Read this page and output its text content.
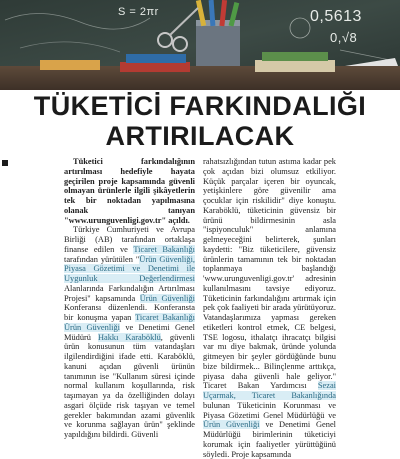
0,5613
0,√8
S = 2πr
TÜKETİCİ FARKINDALIĞI
ARTIRILACAK

Tüketici farkındalığının artırılması hedefiyle hayata geçirilen proje kapsamında güvenli olmayan ürünlerle ilgili şikâyetlerin tek bir noktadan yapılmasına olanak tanıyan "www.urunguvenligi.gov.tr" açıldı.

Türkiye Cumhuriyeti ve Avrupa Birliği (AB) tarafından ortaklaşa finanse edilen ve Ticaret Bakanlığı tarafından yürütülen "Ürün Güvenliği, Piyasa Gözetimi ve Denetimi ile Uygunluk Değerlendirmesi Alanlarında Farkındalığın Artırılması Projesi" kapsamında Ürün Güvenliği Konferansı düzenlendi. Konferansta bir konuşma yapan Ticaret Bakanlığı Ürün Güvenliği ve Denetimi Genel Müdürü Hakkı Karaböklü, güvenli ürün konusunun tüm vatandaşları ilgilendirdiğini ifade etti. Karaböklü, kanuni açıdan güvenli ürünün tanımının ise "Kullanım süresi içinde normal kullanım koşullarında, risk taşımayan ya da özelliğinden dolayı asgari ölçüde risk taşıyan ve temel gerekler bakımından azami güvenlik ve korunma sağlayan ürün" şeklinde yapıldığını bildirdi. Güvenli

rahatsızlığından tutun astıma kadar pek çok açıdan bizi olumsuz etkiliyor. Küçük parçalar içeren bir oyuncak, yetişkinlere göre güvenilir ama çocuklar için riskilidir" diye konuştu. Karaböklü, tüketicinin güvensiz bir ürünü bildirmesinin asla "ispiyonculuk" anlamına gelmeyeceğini belirterek, şunları kaydetti: "Biz tüketicilere, güvensiz ürünlerin tamamının tek bir noktadan toplanmaya başlandığı 'www.urunguvenligi.gov.tr' adresinin kullanılmasını tavsiye ediyoruz. Tüketicinin farkındalığını artırmak için pek çok faaliyeti bir arada yürütüyoruz. Vatandaşlarımıza yapması gereken etiketleri kontrol etmek, CE belgesi, TSE logosu, ithalatçı ihracatçı bilgisi var mı diye bakmak, üründe yolunda gitmeyen bir şeyler gördüğünde bunu bize bildirmek... Bilinçlenme arttıkça, piyasa daha güvenli hale geliyor." Ticaret Bakan Yardımcısı Sezai Uçarmak, Ticaret Bakanlığında bulunan Tüketicinin Korunması ve Piyasa Gözetimi Genel Müdürlüğü ve Ürün Güvenliği ve Denetimi Genel Müdürlüğü birimlerinin tüketiciyi korumak için faaliyetler yürüttüğünü söyledi. Proje kapsamında
